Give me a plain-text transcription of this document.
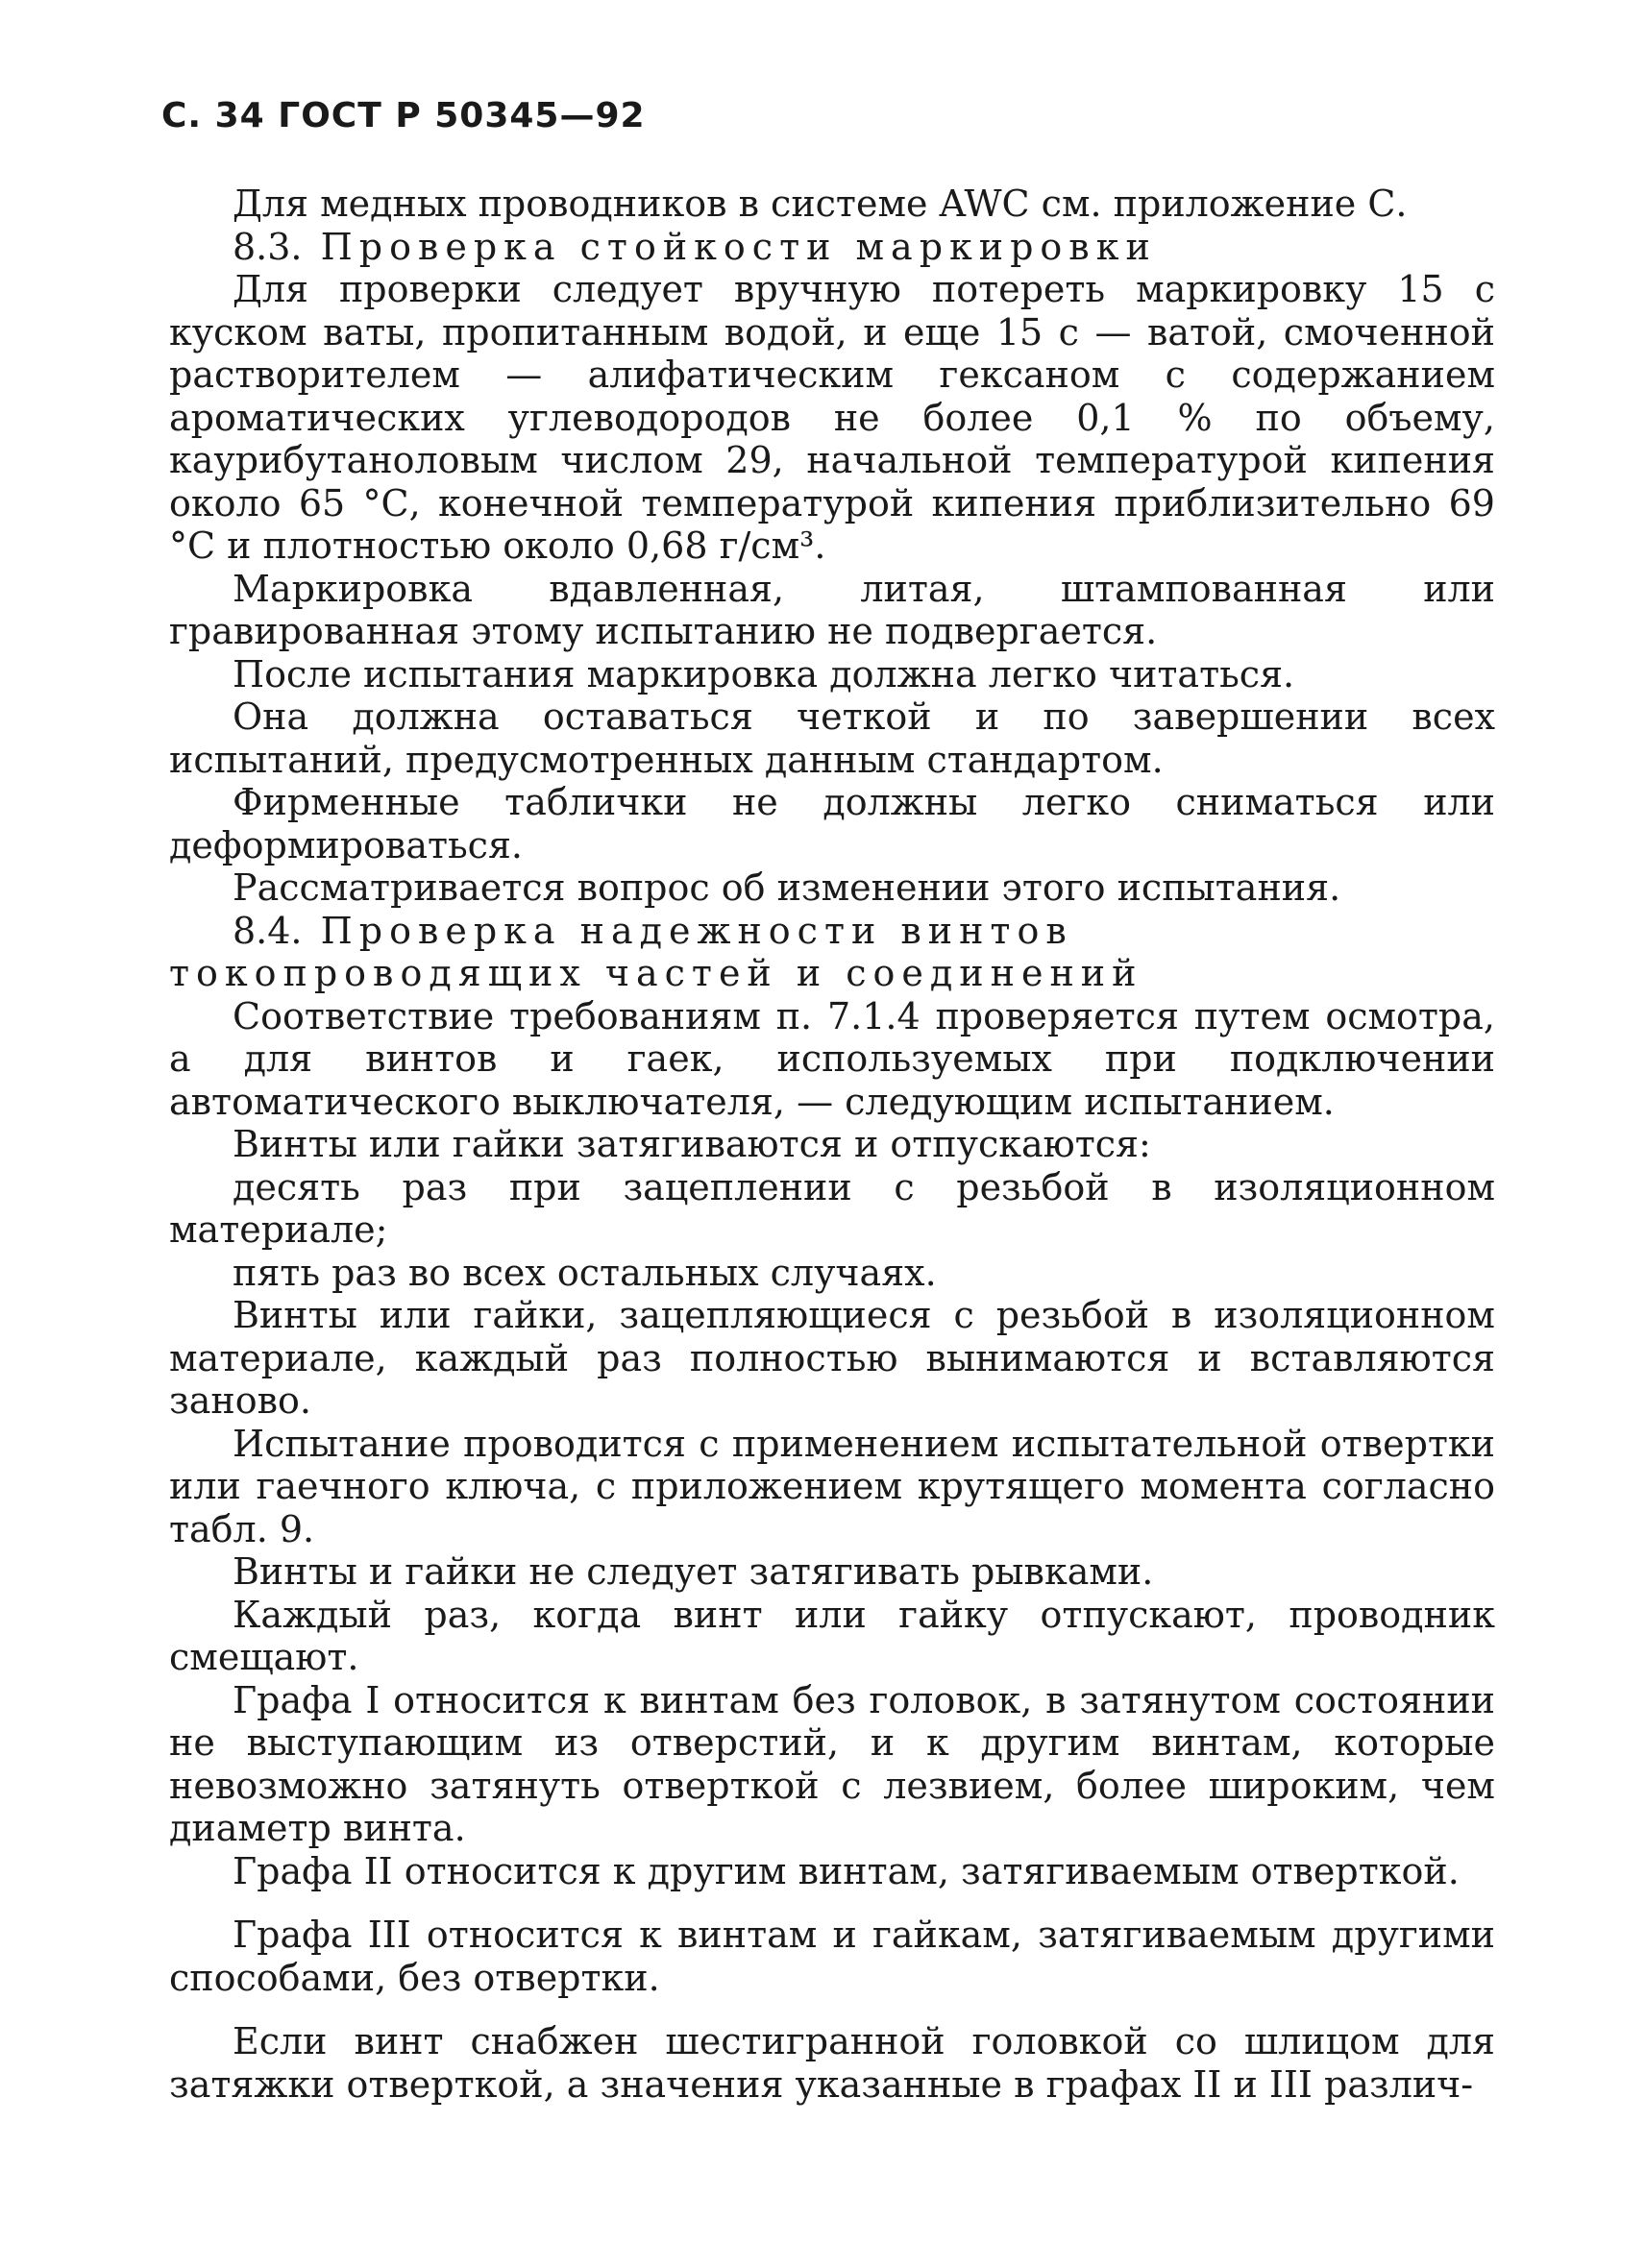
С. 34 ГОСТ Р 50345—92

Для медных проводников в системе AWC см. приложение С.

8.3. Проверка стойкости маркировки

Для проверки следует вручную потереть маркировку 15 с куском ваты, пропитанным водой, и еще 15 с — ватой, смоченной растворителем — алифатическим гексаном с содержанием ароматических углеводородов не более 0,1 % по объему, каурибутаноловым числом 29, начальной температурой кипения около 65 °С, конечной температурой кипения приблизительно 69 °С и плотностью около 0,68 г/см³.

Маркировка вдавленная, литая, штампованная или гравированная этому испытанию не подвергается.

После испытания маркировка должна легко читаться.

Она должна оставаться четкой и по завершении всех испытаний, предусмотренных данным стандартом.

Фирменные таблички не должны легко сниматься или деформироваться.

Рассматривается вопрос об изменении этого испытания.

8.4. Проверка надежности винтов токопроводящих частей и соединений

Соответствие требованиям п. 7.1.4 проверяется путем осмотра, а для винтов и гаек, используемых при подключении автоматического выключателя, — следующим испытанием.

Винты или гайки затягиваются и отпускаются:

десять раз при зацеплении с резьбой в изоляционном материале;

пять раз во всех остальных случаях.

Винты или гайки, зацепляющиеся с резьбой в изоляционном материале, каждый раз полностью вынимаются и вставляются заново.

Испытание проводится с применением испытательной отвертки или гаечного ключа, с приложением крутящего момента согласно табл. 9.

Винты и гайки не следует затягивать рывками.

Каждый раз, когда винт или гайку отпускают, проводник смещают.

Графа I относится к винтам без головок, в затянутом состоянии не выступающим из отверстий, и к другим винтам, которые невозможно затянуть отверткой с лезвием, более широким, чем диаметр винта.

Графа II относится к другим винтам, затягиваемым отверткой.

Графа III относится к винтам и гайкам, затягиваемым другими способами, без отвертки.

Если винт снабжен шестигранной головкой со шлицом для затяжки отверткой, а значения указанные в графах II и III различ-
